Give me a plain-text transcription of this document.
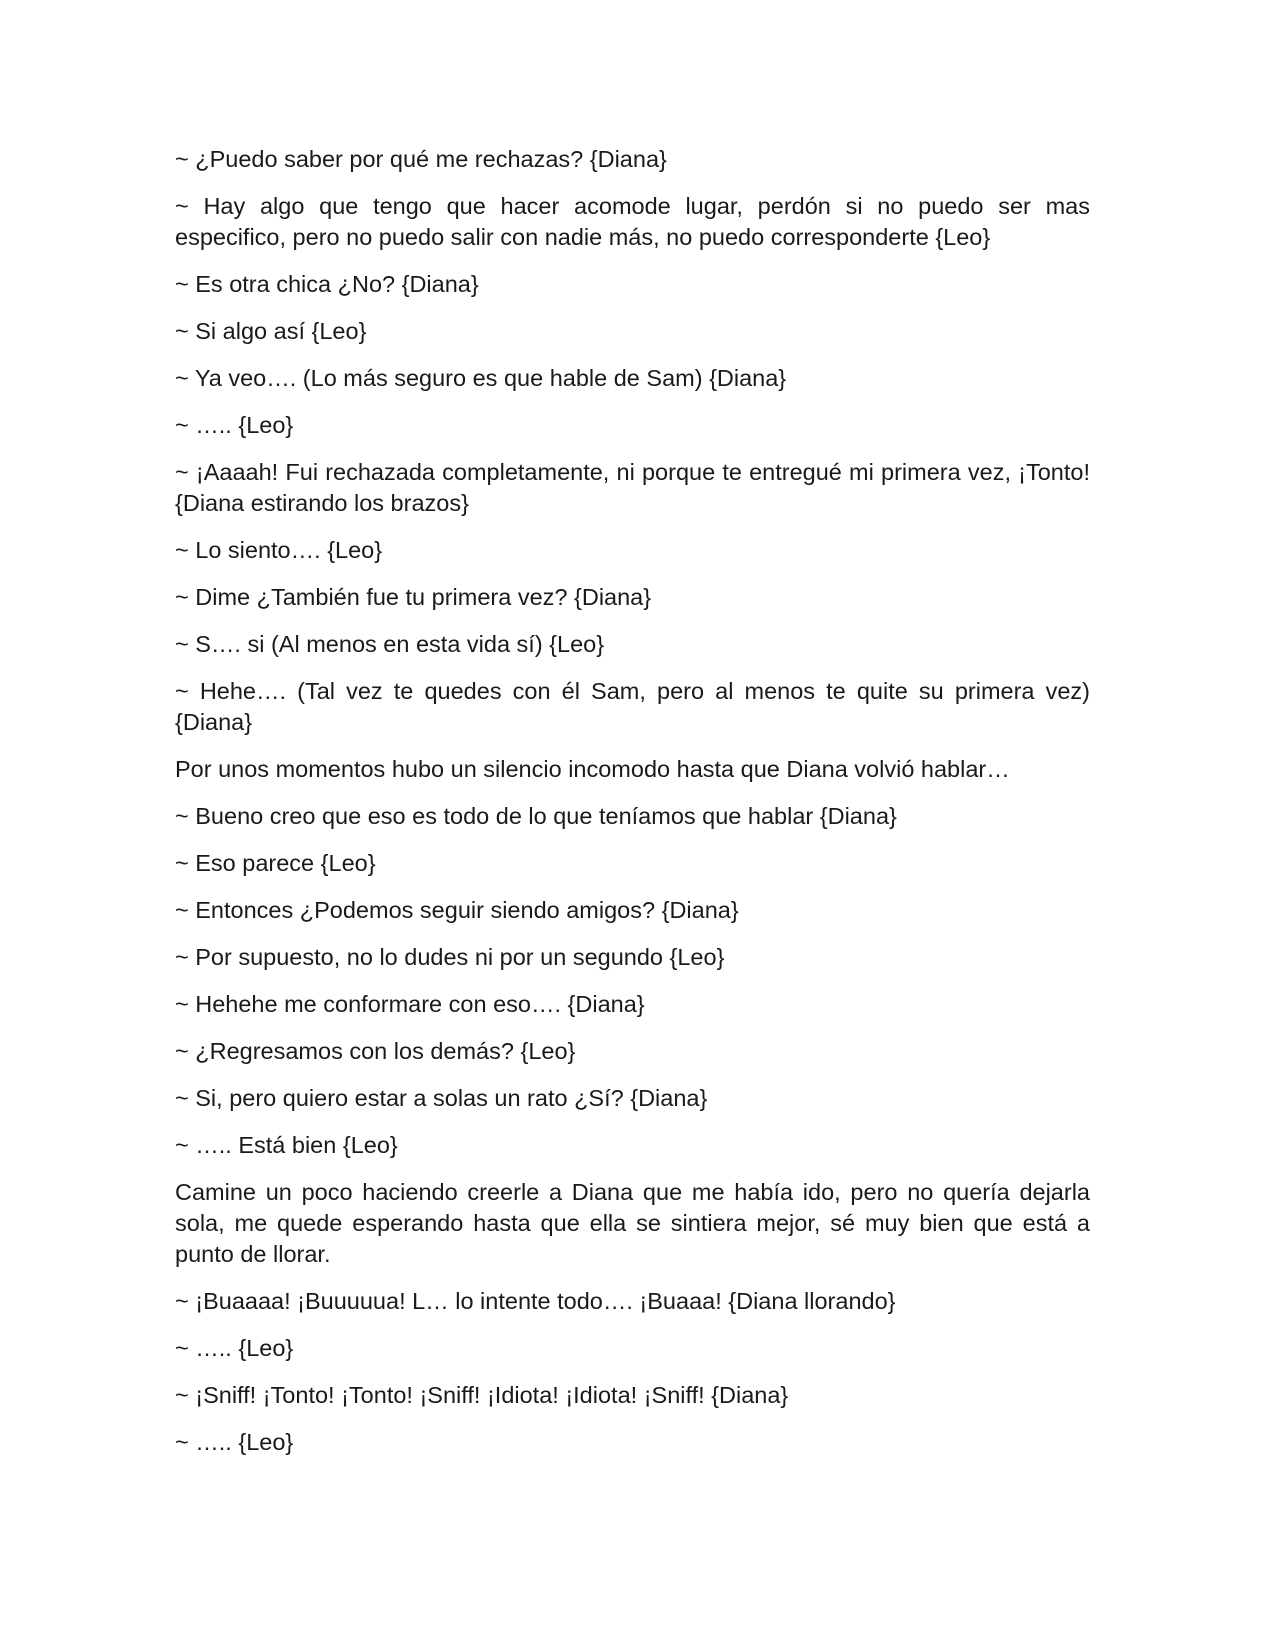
~ ¿Puedo saber por qué me rechazas? {Diana}

~ Hay algo que tengo que hacer acomode lugar, perdón si no puedo ser mas especifico, pero no puedo salir con nadie más, no puedo corresponderte {Leo}

~ Es otra chica ¿No? {Diana}

~ Si algo así {Leo}

~ Ya veo…. (Lo más seguro es que hable de Sam) {Diana}

~ ….. {Leo}

~ ¡Aaaah! Fui rechazada completamente, ni porque te entregué mi primera vez, ¡Tonto! {Diana estirando los brazos}

~ Lo siento…. {Leo}

~ Dime ¿También fue tu primera vez? {Diana}

~ S…. si (Al menos en esta vida sí) {Leo}

~ Hehe…. (Tal vez te quedes con él Sam, pero al menos te quite su primera vez) {Diana}

Por unos momentos hubo un silencio incomodo hasta que Diana volvió hablar…

~ Bueno creo que eso es todo de lo que teníamos que hablar {Diana}

~ Eso parece {Leo}

~ Entonces ¿Podemos seguir siendo amigos? {Diana}

~ Por supuesto, no lo dudes ni por un segundo {Leo}

~ Hehehe me conformare con eso…. {Diana}

~ ¿Regresamos con los demás? {Leo}

~ Si, pero quiero estar a solas un rato ¿Sí? {Diana}

~ ….. Está bien {Leo}

Camine un poco haciendo creerle a Diana que me había ido, pero no quería dejarla sola, me quede esperando hasta que ella se sintiera mejor, sé muy bien que está a punto de llorar.

~ ¡Buaaaa! ¡Buuuuua! L… lo intente todo…. ¡Buaaa! {Diana llorando}

~ ….. {Leo}

~ ¡Sniff! ¡Tonto! ¡Tonto! ¡Sniff! ¡Idiota! ¡Idiota! ¡Sniff! {Diana}

~ ….. {Leo}
